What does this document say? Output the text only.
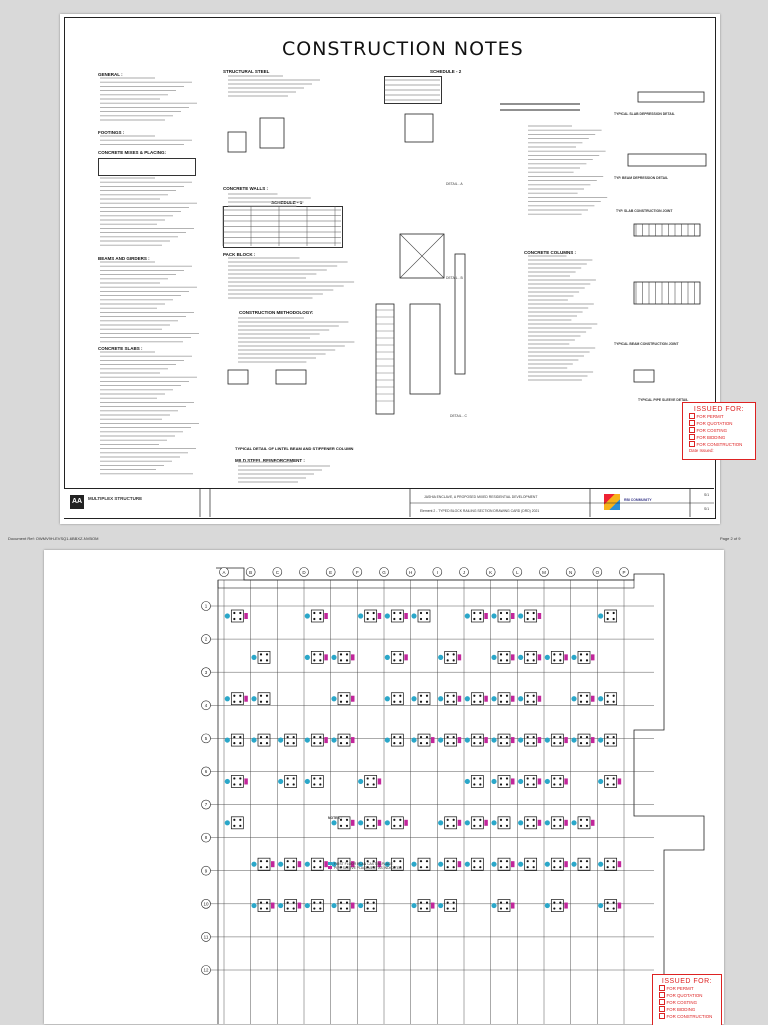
CONSTRUCTION NOTES
GENERAL :
FOOTINGS :
CONCRETE MIXES & PLACING:
BEAMS AND GIRDERS :
CONCRETE SLABS :
STRUCTURAL STEEL
CONCRETE WALLS :
SCHEDULE - 1
PACK BLOCK :
CONSTRUCTION METHODOLOGY:
TYPICAL DETAIL OF LINTEL BEAM AND STIFFENER COLUMN
MILD STEEL REINFORCEMENT :
SCHEDULE - 2
DETAIL - A
DETAIL - B
DETAIL - C
CONCRETE COLUMNS :
TYPICAL SLAB DEPRESSION DETAIL
TYP. BEAM DEPRESSION DETAIL
TYP. SLAB CONSTRUCTION JOINT
TYPICAL BEAM CONSTRUCTION JOINT
TYPICAL PIPE SLEEVE DETAIL
ISSUED FOR:
FOR PERMIT
FOR QUOTATION
FOR COSTING
FOR BIDDING
FOR CONSTRUCTION
Date Issued:
AA	MULTIPLEX STRUCTURE	JASHIA ENCLAVE, A PROPOSED MIXED RESIDENTIAL DEVELOPMENT
Element 2 - TYPED BLOCK RAILING SECTION DRAWING CARD (DRD) 2021
RBI COMMUNITY
S/1
S/1
Document Ref: OWMV9H-EVSQ1-6BBXZ-NVBOM	Page 2 of 9
A	B	C	D	E	F	G	H	I	J	K	L	M	N	O	P
1
2
3
4
5
6
7
8
9
10
11
12
NOTES :
FIRST FLOOR PLAN CAST-IN-PLACE
PIPE SLEEVE PLACEMENT AS INDICATED
ISSUED FOR:
FOR PERMIT
FOR QUOTATION
FOR COSTING
FOR BIDDING
FOR CONSTRUCTION
